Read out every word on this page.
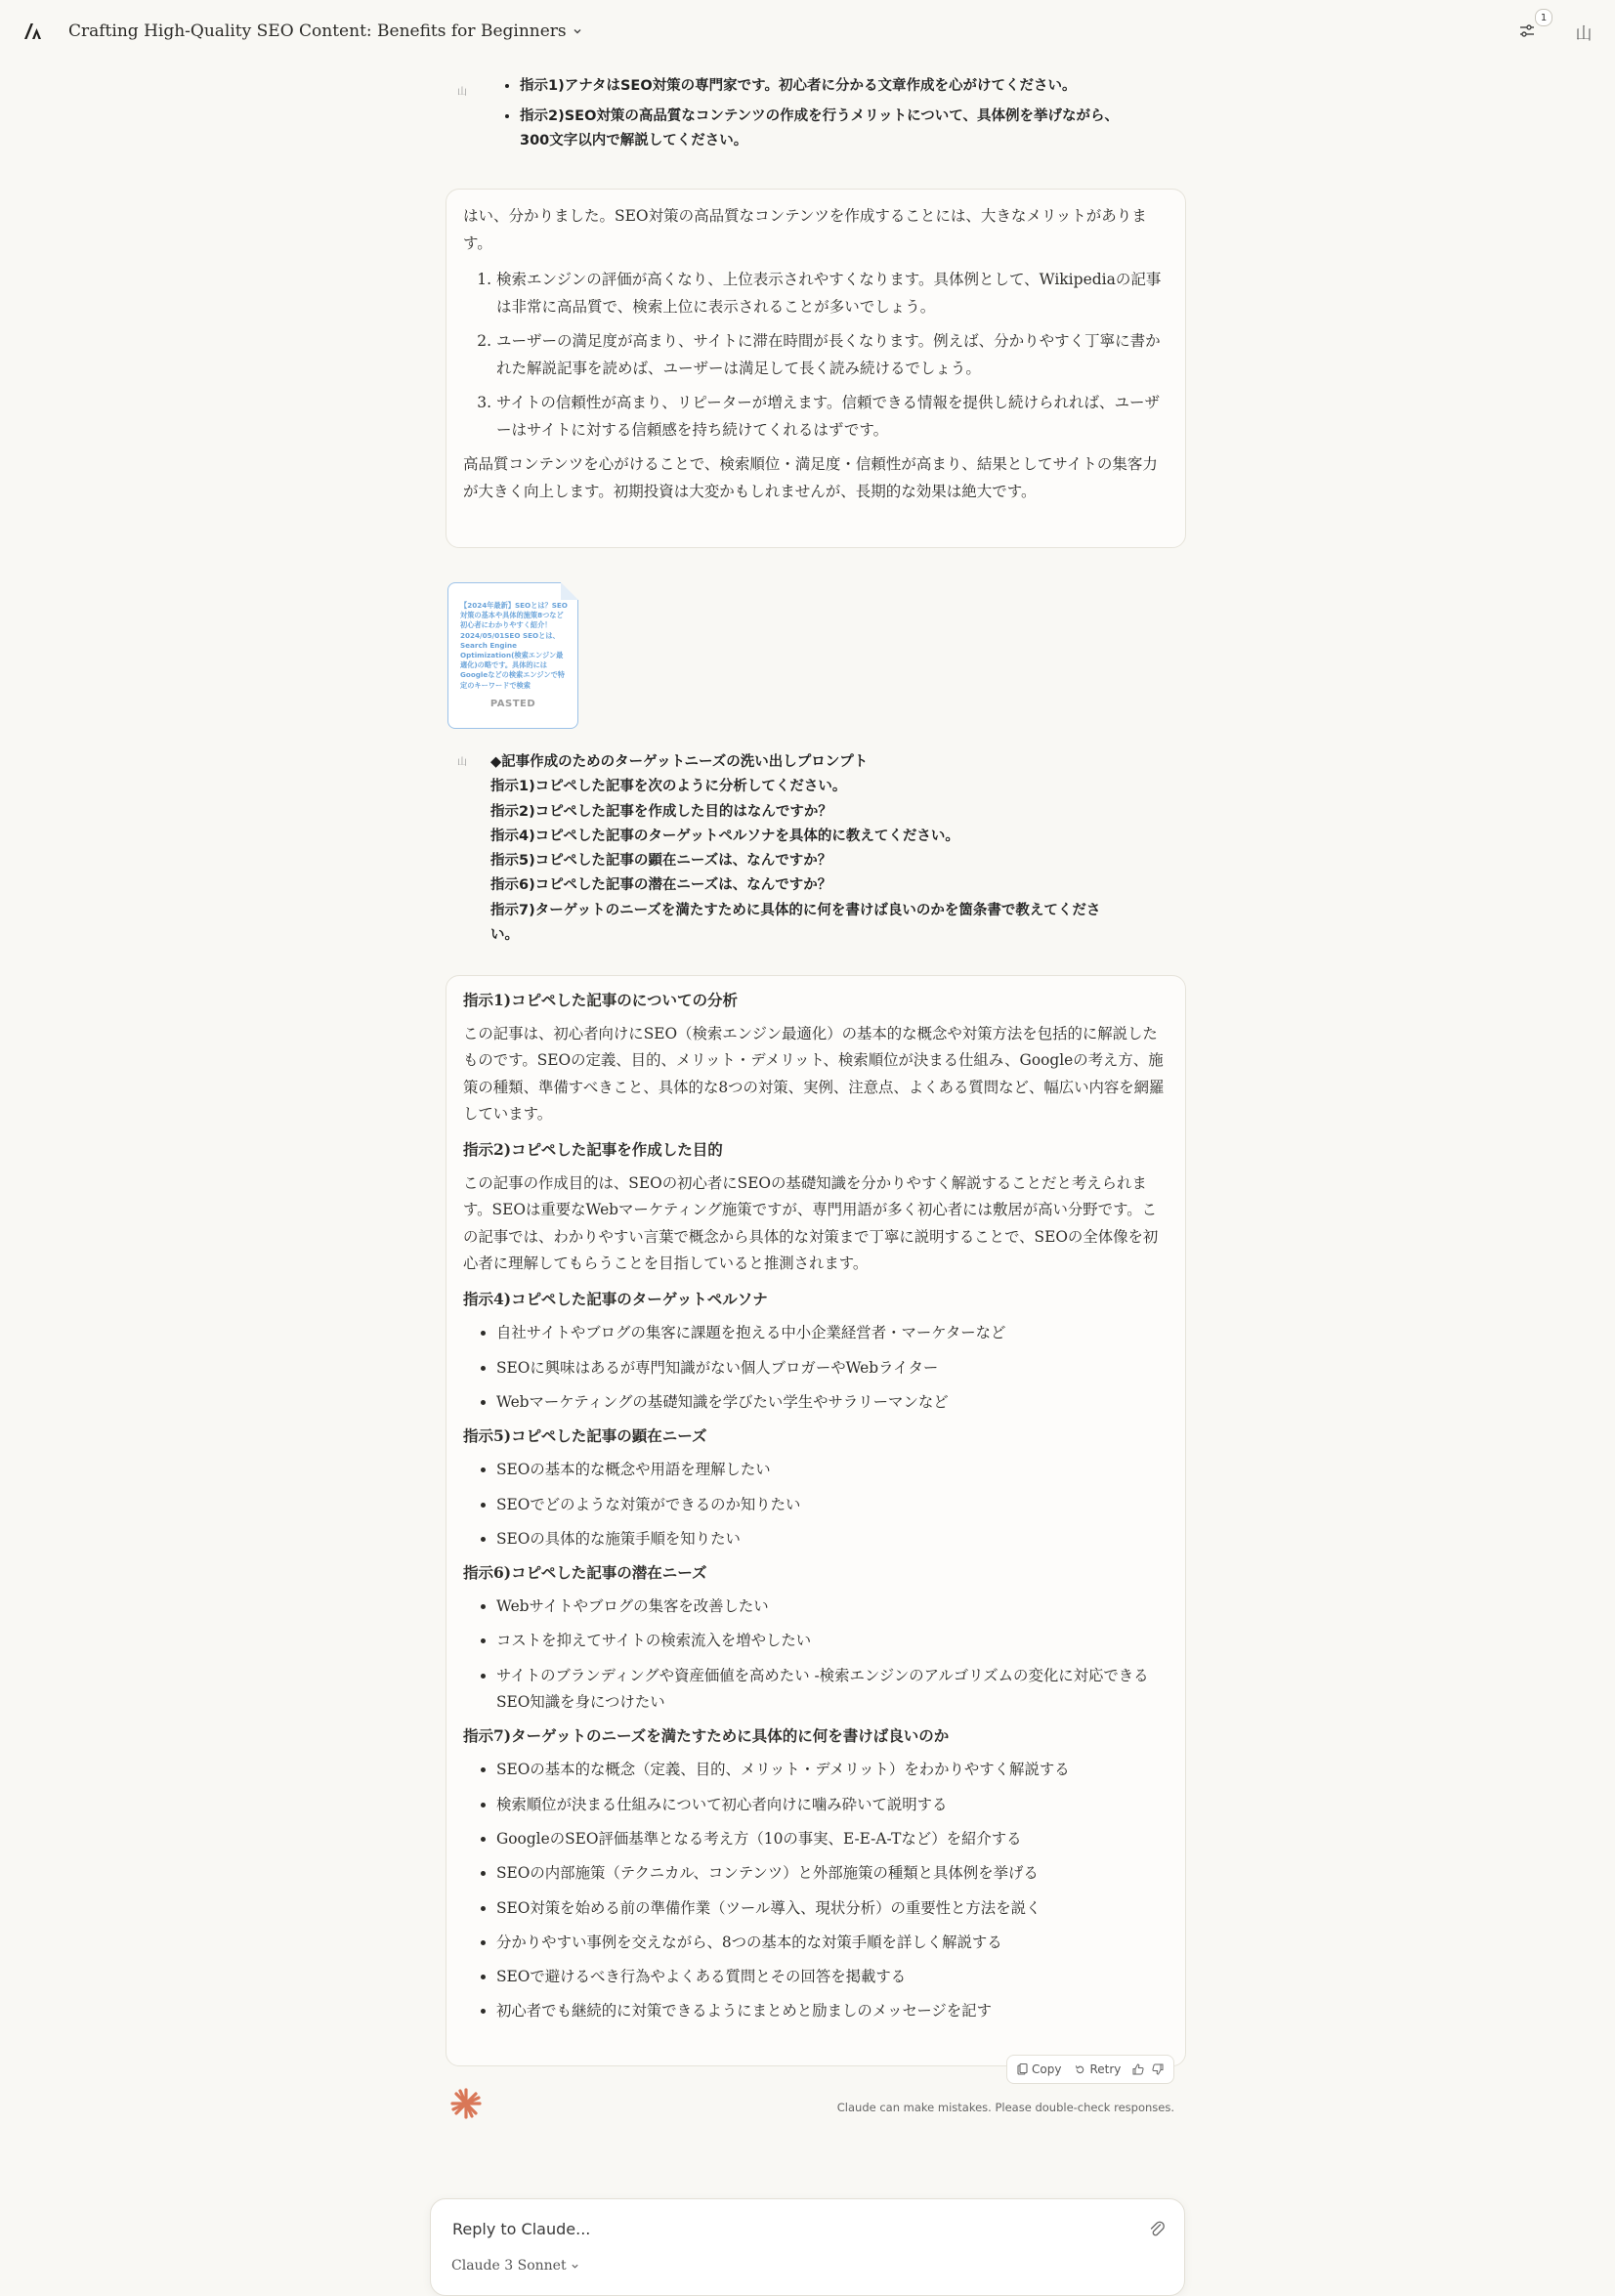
Crafting High-Quality SEO Content: Benefits for Beginners
1
山
山
•	指示1)アナタはSEO対策の専門家です。初心者に分かる文章作成を心がけてください。
• 指示2)SEO対策の高品質なコンテンツの作成を行うメリットについて、具体例を挙げながら、
300文字以内で解説してください。

はい、分かりました。SEO対策の高品質なコンテンツを作成することには、大きなメリットがあります。

1. 検索エンジンの評価が高くなり、上位表示されやすくなります。具体例として、Wikipediaの記事は非常に高品質で、検索上位に表示されることが多いでしょう。
2. ユーザーの満足度が高まり、サイトに滞在時間が長くなります。例えば、分かりやすく丁寧に書かれた解説記事を読めば、ユーザーは満足して長く読み続けるでしょう。
3. サイトの信頼性が高まり、リピーターが増えます。信頼できる情報を提供し続けられれば、ユーザーはサイトに対する信頼感を持ち続けてくれるはずです。

高品質コンテンツを心がけることで、検索順位・満足度・信頼性が高まり、結果としてサイトの集客力が大きく向上します。初期投資は大変かもしれませんが、長期的な効果は絶大です。

【2024年最新】SEOとは？SEO対策の基本や具体的施策8つなど初心者にわかりやすく紹介！ 2024/05/01SEO SEOとは、Search Engine Optimization(検索エンジン最適化)の略です。具体的にはGoogleなどの検索エンジンで特定のキーワードで検索
PASTED
山 ◆記事作成のためのターゲットニーズの洗い出しプロンプト
指示1)コピペした記事を次のように分析してください。
指示2)コピペした記事を作成した目的はなんですか？
指示4)コピペした記事のターゲットペルソナを具体的に教えてください。
指示5)コピペした記事の顕在ニーズは、なんですか？
指示6)コピペした記事の潜在ニーズは、なんですか？
指示7)ターゲットのニーズを満たすために具体的に何を書けば良いのかを箇条書で教えてくださ
い。
指示1)コピペした記事のについての分析

この記事は、初心者向けにSEO（検索エンジン最適化）の基本的な概念や対策方法を包括的に解説したものです。SEOの定義、目的、メリット・デメリット、検索順位が決まる仕組み、Googleの考え方、施策の種類、準備すべきこと、具体的な8つの対策、実例、注意点、よくある質問など、幅広い内容を網羅しています。

指示2)コピペした記事を作成した目的

この記事の作成目的は、SEOの初心者にSEOの基礎知識を分かりやすく解説することだと考えられます。SEOは重要なWebマーケティング施策ですが、専門用語が多く初心者には敷居が高い分野です。この記事では、わかりやすい言葉で概念から具体的な対策まで丁寧に説明することで、SEOの全体像を初心者に理解してもらうことを目指していると推測されます。

指示4)コピペした記事のターゲットペルソナ
• 自社サイトやブログの集客に課題を抱える中小企業経営者・マーケターなど
• SEOに興味はあるが専門知識がない個人ブロガーやWebライター
• Webマーケティングの基礎知識を学びたい学生やサラリーマンなど
指示5)コピペした記事の顕在ニーズ
• SEOの基本的な概念や用語を理解したい
• SEOでどのような対策ができるのか知りたい
• SEOの具体的な施策手順を知りたい
指示6)コピペした記事の潜在ニーズ
• Webサイトやブログの集客を改善したい
• コストを抑えてサイトの検索流入を増やしたい
• サイトのブランディングや資産価値を高めたい -検索エンジンのアルゴリズムの変化に対応できるSEO知識を身につけたい
指示7)ターゲットのニーズを満たすために具体的に何を書けば良いのか
• SEOの基本的な概念（定義、目的、メリット・デメリット）をわかりやすく解説する
• 検索順位が決まる仕組みについて初心者向けに噛み砕いて説明する
• GoogleのSEO評価基準となる考え方（10の事実、E-E-A-Tなど）を紹介する
• SEOの内部施策（テクニカル、コンテンツ）と外部施策の種類と具体例を挙げる
• SEO対策を始める前の準備作業（ツール導入、現状分析）の重要性と方法を説く
• 分かりやすい事例を交えながら、8つの基本的な対策手順を詳しく解説する
• SEOで避けるべき行為やよくある質問とその回答を掲載する
• 初心者でも継続的に対策できるようにまとめと励ましのメッセージを記す
Copy Retry
Claude can make mistakes. Please double-check responses.
Reply to Claude...
Claude 3 Sonnet
